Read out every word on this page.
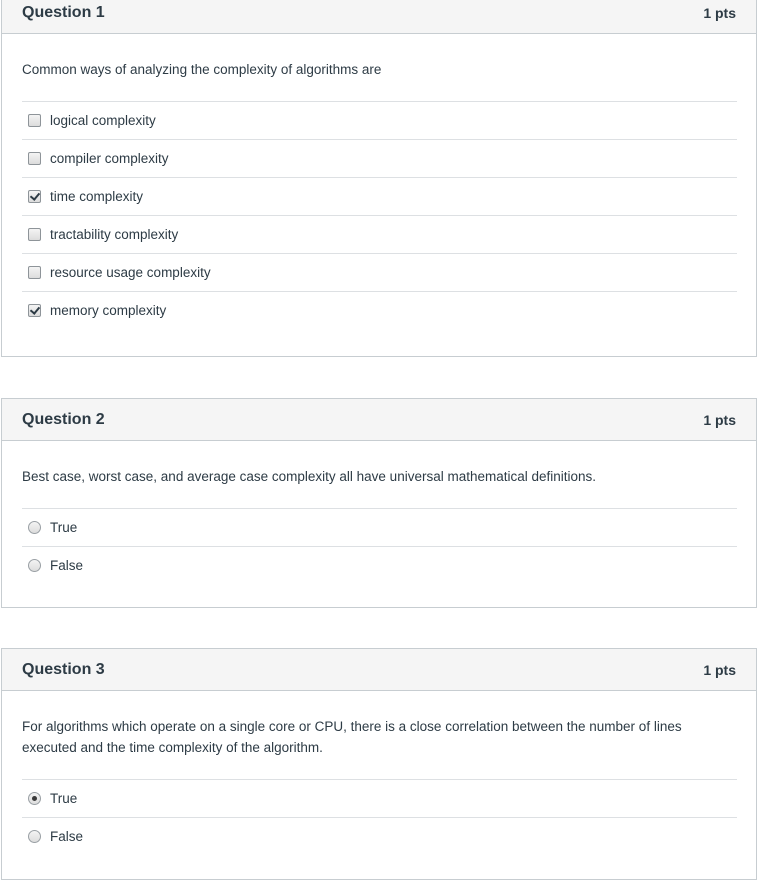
Question 1	1 pts
Common ways of analyzing the complexity of algorithms are
logical complexity
compiler complexity
time complexity
tractability complexity
resource usage complexity
memory complexity
Question 2	1 pts
Best case, worst case, and average case complexity all have universal mathematical definitions.
True
False
Question 3	1 pts
For algorithms which operate on a single core or CPU, there is a close correlation between the number of lines executed and the time complexity of the algorithm.
True
False
